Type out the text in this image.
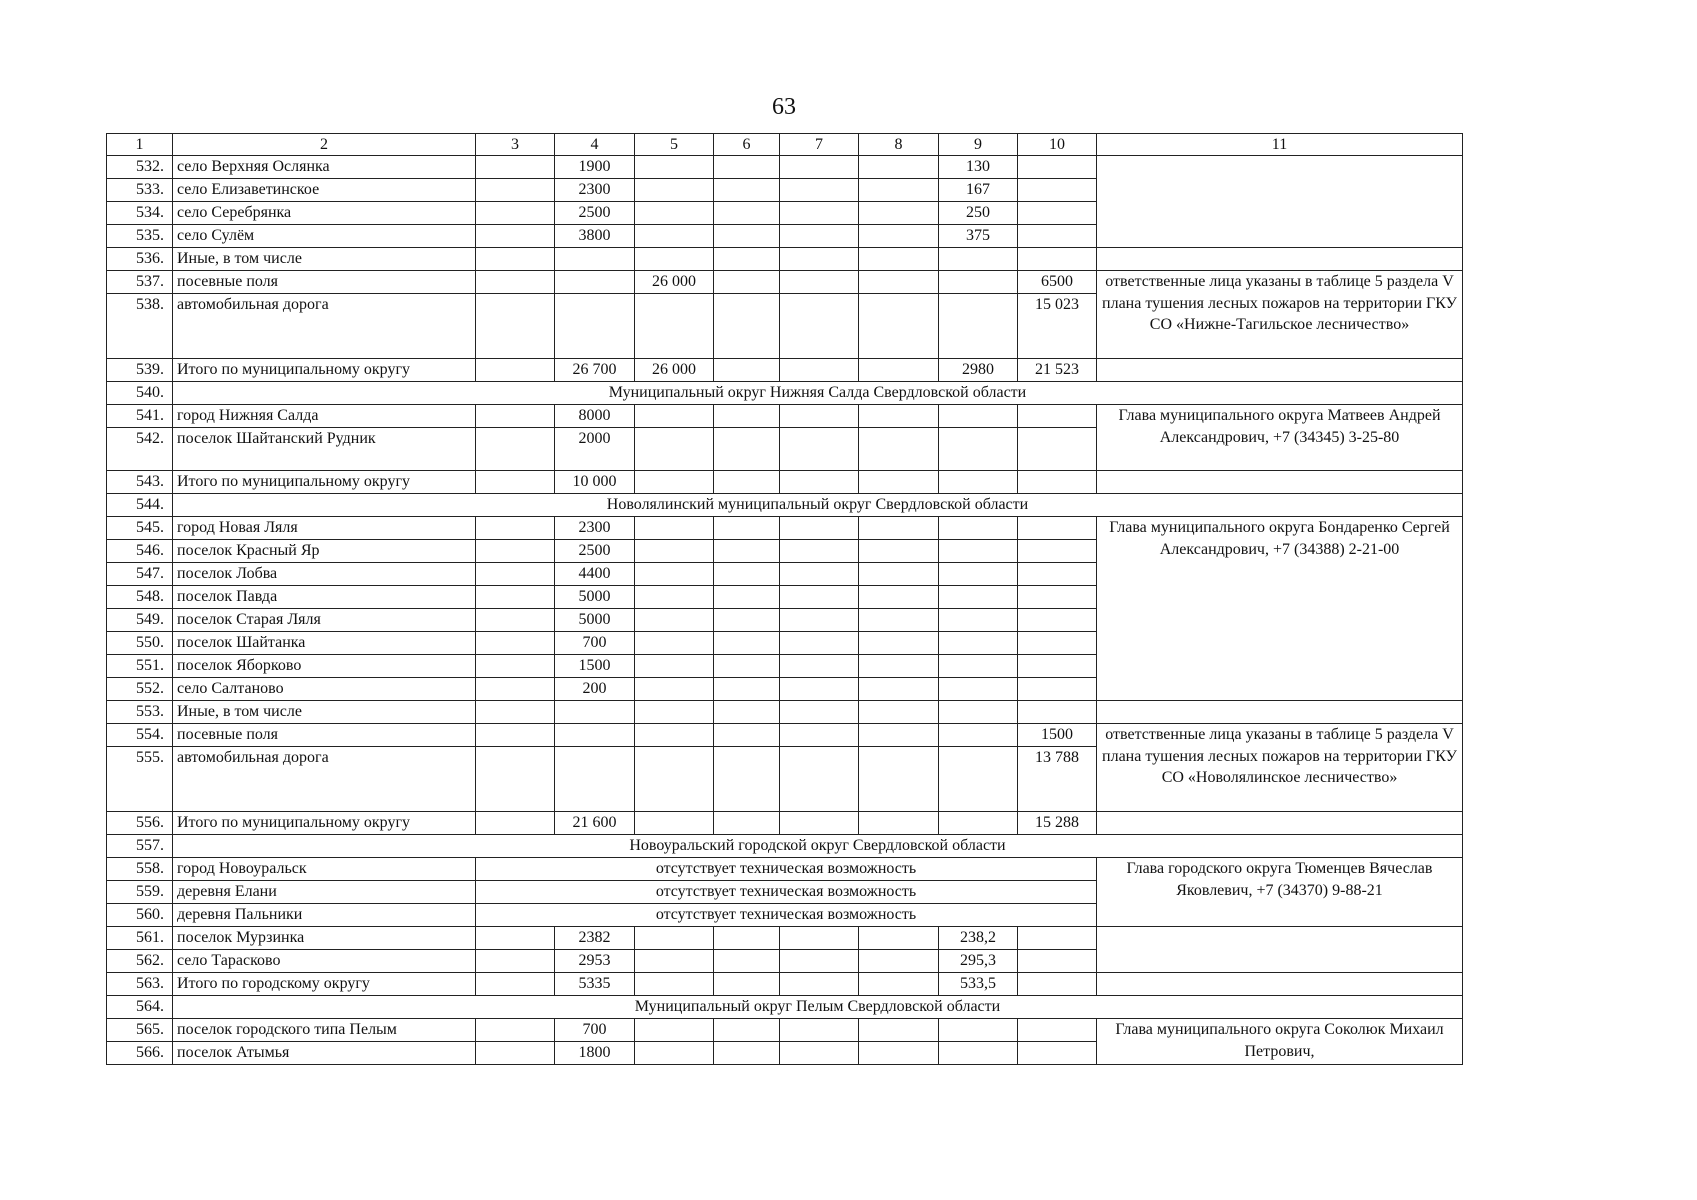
63
1	2	3	4	5	6	7	8	9	10	11
532.	село Верхняя Ослянка		1900					130		
533.	село Елизаветинское		2300					167		
534.	село Серебрянка		2500					250		
535.	село Сулём		3800					375		
536.	Иные, в том числе									
537.	посевные поля			26 000					6500	ответственные лица указаны в таблице 5 раздела V плана тушения лесных пожаров на территории ГКУ СО «Нижне-Тагильское лесничество»
538.	автомобильная дорога								15 023	
539.	Итого по муниципальному округу		26 700	26 000				2980	21 523	
540.	Муниципальный округ Нижняя Салда Свердловской области									
541.	город Нижняя Салда		8000							Глава муниципального округа Матвеев Андрей Александрович, +7 (34345) 3-25-80
542.	поселок Шайтанский Рудник		2000							
543.	Итого по муниципальному округу		10 000							
544.	Новолялинский муниципальный округ Свердловской области									
545.	город Новая Ляля		2300							Глава муниципального округа Бондаренко Сергей Александрович, +7 (34388) 2-21-00
546.	поселок Красный Яр		2500							
547.	поселок Лобва		4400							
548.	поселок Павда		5000							
549.	поселок Старая Ляля		5000							
550.	поселок Шайтанка		700							
551.	поселок Яборково		1500							
552.	село Салтаново		200							
553.	Иные, в том числе									
554.	посевные поля								1500	ответственные лица указаны в таблице 5 раздела V плана тушения лесных пожаров на территории ГКУ СО «Новолялинское лесничество»
555.	автомобильная дорога								13 788	
556.	Итого по муниципальному округу		21 600						15 288	
557.	Новоуральский городской округ Свердловской области									
558.	город Новоуральск	отсутствует техническая возможность								Глава городского округа Тюменцев Вячеслав Яковлевич, +7 (34370) 9-88-21
559.	деревня Елани	отсутствует техническая возможность								
560.	деревня Пальники	отсутствует техническая возможность								
561.	поселок Мурзинка		2382					238,2		
562.	село Тарасково		2953					295,3		
563.	Итого по городскому округу		5335					533,5		
564.	Муниципальный округ Пелым Свердловской области									
565.	поселок городского типа Пелым		700							Глава муниципального округа Соколюк Михаил Петрович,
566.	поселок Атымья		1800							
